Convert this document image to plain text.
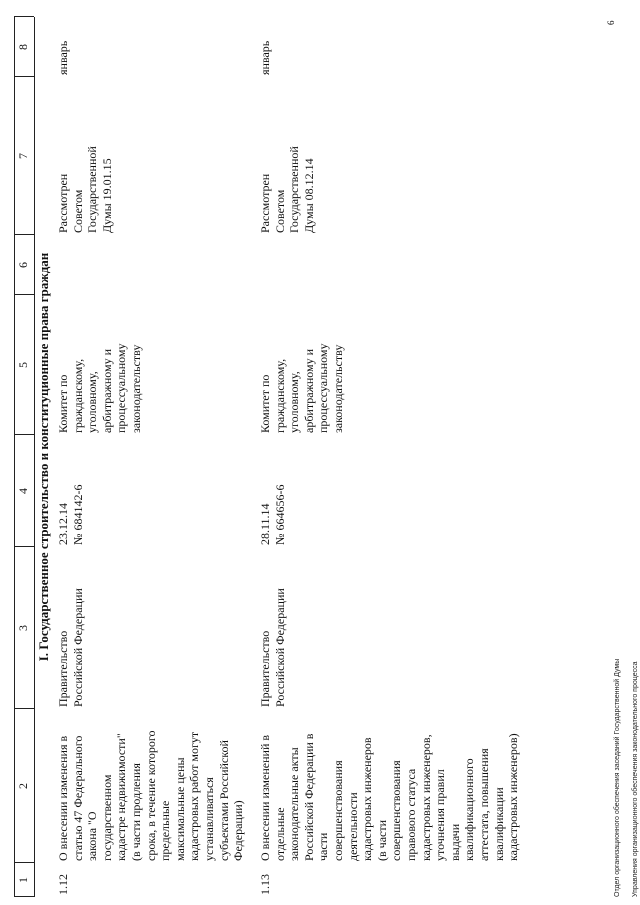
1
2
3
4
5
6
7
8
I. Государственное строительство и конституционные права граждан
1.12
О внесении изменения в
статью 47 Федерального
закона "О
государственном
кадастре недвижимости"
(в части продления
срока, в течение которого
предельные
максимальные цены
кадастровых работ могут
устанавливаться
субъектами Российской
Федерации)
Правительство
Российской Федерации
23.12.14
№ 684142-6
Комитет по
гражданскому,
уголовному,
арбитражному и
процессуальному
законодательству
Рассмотрен
Советом
Государственной
Думы 19.01.15
январь
1.13
О внесении изменений в
отдельные
законодательные акты
Российской Федерации в
части
совершенствования
деятельности
кадастровых инженеров
(в части
совершенствования
правового статуса
кадастровых инженеров,
уточнения правил
выдачи
квалификационного
аттестата, повышения
квалификации
кадастровых инженеров)
Правительство
Российской Федерации
28.11.14
№ 664656-6
Комитет по
гражданскому,
уголовному,
арбитражному и
процессуальному
законодательству
Рассмотрен
Советом
Государственной
Думы 08.12.14
январь

Отдел организационного обеспечения заседаний Государственной Думы Управления организационного обеспечения законодательного процесса

6
